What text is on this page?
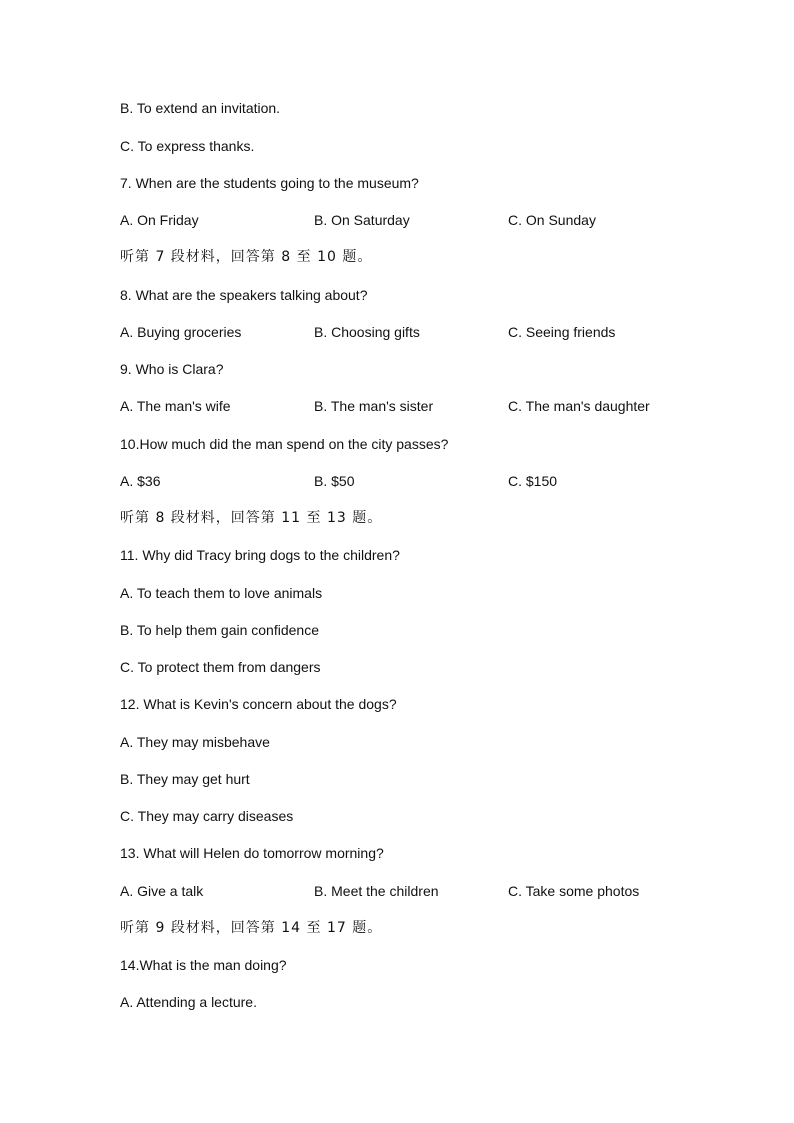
B. To extend an invitation.
C. To express thanks.
7. When are the students going to the museum?
A. On Friday	B. On Saturday	C. On Sunday
听第 7 段材料，回答第 8 至 10 题。
8. What are the speakers talking about?
A. Buying groceries	B. Choosing gifts	C. Seeing friends
9. Who is Clara?
A. The man's wife	B. The man's sister	C. The man's daughter
10.How much did the man spend on the city passes?
A. $36	B. $50	C. $150
听第 8 段材料，回答第 11 至 13 题。
11. Why did Tracy bring dogs to the children?
A. To teach them to love animals
B. To help them gain confidence
C. To protect them from dangers
12. What is Kevin's concern about the dogs?
A. They may misbehave
B. They may get hurt
C. They may carry diseases
13. What will Helen do tomorrow morning?
A. Give a talk	B. Meet the children	C. Take some photos
听第 9 段材料，回答第 14 至 17 题。
14.What is the man doing?
A. Attending a lecture.
